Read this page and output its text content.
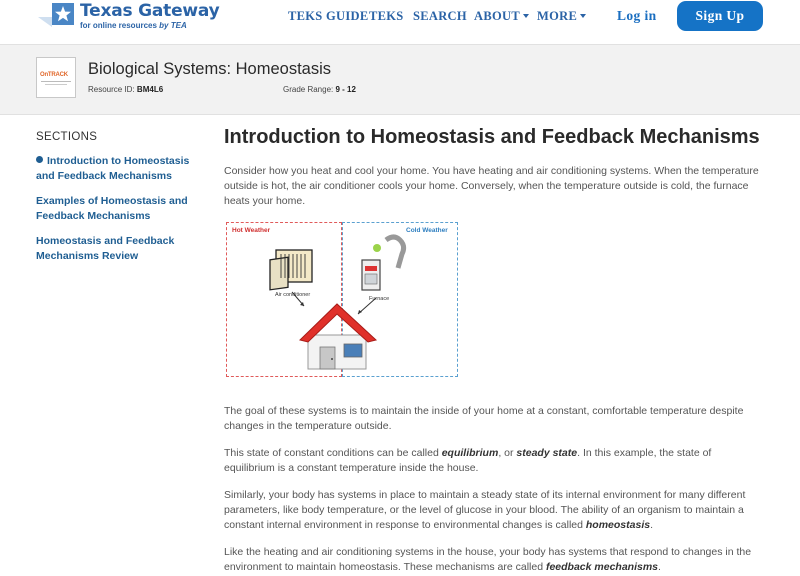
Texas Gateway
for online resources by TEA
TEKS GUIDE TEKS SEARCH ABOUT	MORE	Log in	Sign Up
OnTRACK Biological Systems: Homeostasis
Resource ID: BM4L6	Grade Range: 9 - 12
SECTIONS
Introduction to Homeostasis and Feedback Mechanisms
Examples of Homeostasis and Feedback Mechanisms
Homeostasis and Feedback Mechanisms Review
Introduction to Homeostasis and Feedback Mechanisms
Consider how you heat and cool your home. You have heating and air conditioning systems. When the temperature outside is hot, the air conditioner cools your home. Conversely, when the temperature outside is cold, the furnace heats your home.
Hot Weather	Cold Weather
Air conditioner
Furnace
The goal of these systems is to maintain the inside of your home at a constant, comfortable temperature despite changes in the temperature outside.
This state of constant conditions can be called equilibrium, or steady state. In this example, the state of equilibrium is a constant temperature inside the house.
Similarly, your body has systems in place to maintain a steady state of its internal environment for many different parameters, like body temperature, or the level of glucose in your blood. The ability of an organism to maintain a constant internal environment in response to environmental changes is called homeostasis.
Like the heating and air conditioning systems in the house, your body has systems that respond to changes in the environment to maintain homeostasis. These mechanisms are called feedback mechanisms.
